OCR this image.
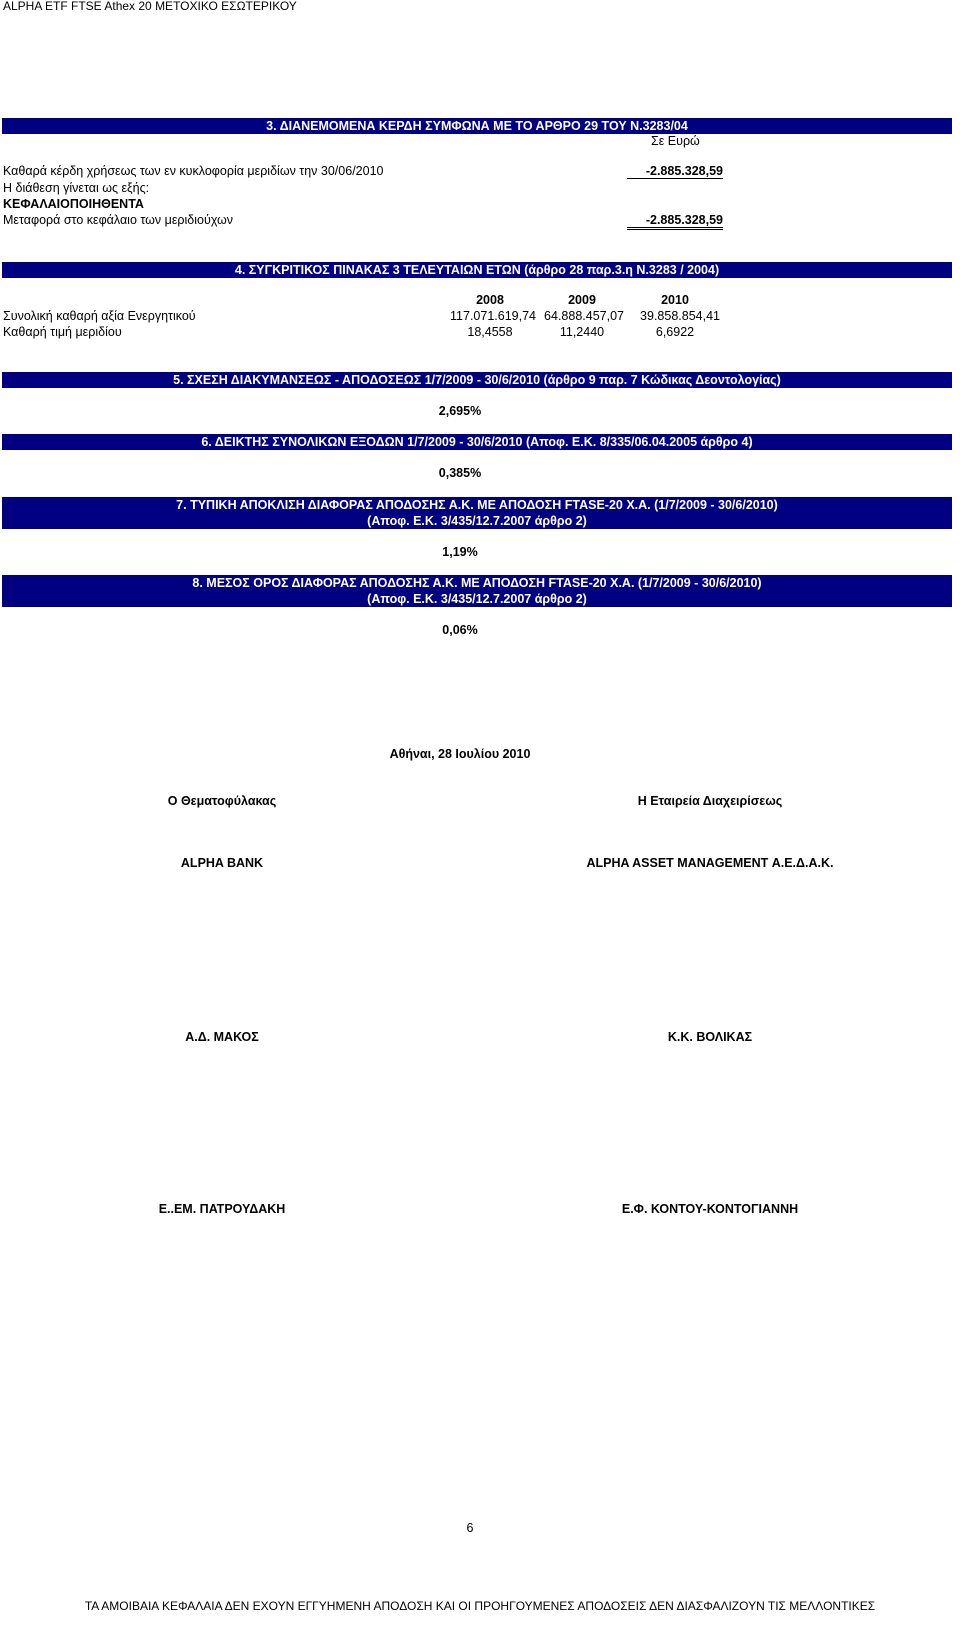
ALPHA ETF FTSE Athex 20 ΜΕΤΟΧΙΚΟ ΕΣΩΤΕΡΙΚΟΥ
3. ΔΙΑΝΕΜΟΜΕΝΑ ΚΕΡΔΗ ΣΥΜΦΩΝΑ ΜΕ ΤΟ ΑΡΘΡΟ 29 ΤΟΥ Ν.3283/04
Σε Ευρώ
Καθαρά κέρδη χρήσεως των εν κυκλοφορία μεριδίων την 30/06/2010	-2.885.328,59
Η διάθεση γίνεται ως εξής:
ΚΕΦΑΛΑΙΟΠΟΙΗΘΕΝΤΑ
Μεταφορά στο κεφάλαιο των μεριδιούχων	-2.885.328,59
4. ΣΥΓΚΡΙΤΙΚΟΣ ΠΙΝΑΚΑΣ 3 ΤΕΛΕΥΤΑΙΩΝ ΕΤΩΝ (άρθρο 28 παρ.3.η Ν.3283 / 2004)
2008	2009	2010
Συνολική καθαρή αξία Ενεργητικού	117.071.619,74 64.888.457,07	39.858.854,41
Καθαρή τιμή μεριδίου	18,4558	11,2440	6,6922
5. ΣΧΕΣΗ ΔΙΑΚΥΜΑΝΣΕΩΣ - ΑΠΟΔΟΣΕΩΣ 1/7/2009 - 30/6/2010 (άρθρο 9 παρ. 7 Κώδικας Δεοντολογίας)
2,695%
6. ΔΕΙΚΤΗΣ ΣΥΝΟΛΙΚΩΝ ΕΞΟΔΩΝ 1/7/2009 - 30/6/2010 (Αποφ. Ε.Κ. 8/335/06.04.2005 άρθρο 4)
0,385%
7. ΤΥΠΙΚΗ ΑΠΟΚΛΙΣΗ ΔΙΑΦΟΡΑΣ ΑΠΟΔΟΣΗΣ Α.Κ. ΜΕ ΑΠΟΔΟΣΗ FTASE-20 Χ.Α. (1/7/2009 - 30/6/2010)
(Αποφ. Ε.Κ. 3/435/12.7.2007 άρθρο 2)
1,19%
8. ΜΕΣΟΣ ΟΡΟΣ ΔΙΑΦΟΡΑΣ ΑΠΟΔΟΣΗΣ Α.Κ. ΜΕ ΑΠΟΔΟΣΗ FTASE-20 Χ.Α. (1/7/2009 - 30/6/2010)
(Αποφ. Ε.Κ. 3/435/12.7.2007 άρθρο 2)
0,06%
Αθήναι, 28 Ιουλίου 2010
Ο Θεματοφύλακας	Η Εταιρεία Διαχειρίσεως
ALPHA BANK	ALPHA ASSET MANAGEMENT Α.Ε.Δ.Α.Κ.
Α.Δ. ΜΑΚΟΣ	Κ.Κ. ΒΟΛΙΚΑΣ
Ε..ΕΜ. ΠΑΤΡΟΥΔΑΚΗ	Ε.Φ. ΚΟΝΤΟΥ-ΚΟΝΤΟΓΙΑΝΝΗ
6
ΤΑ ΑΜΟΙΒΑΙΑ ΚΕΦΑΛΑΙΑ ΔΕΝ ΕΧΟΥΝ ΕΓΓΥΗΜΕΝΗ ΑΠΟΔΟΣΗ ΚΑΙ ΟΙ ΠΡΟΗΓΟΥΜΕΝΕΣ ΑΠΟΔΟΣΕΙΣ ΔΕΝ ΔΙΑΣΦΑΛΙΖΟΥΝ ΤΙΣ ΜΕΛΛΟΝΤΙΚΕΣ
